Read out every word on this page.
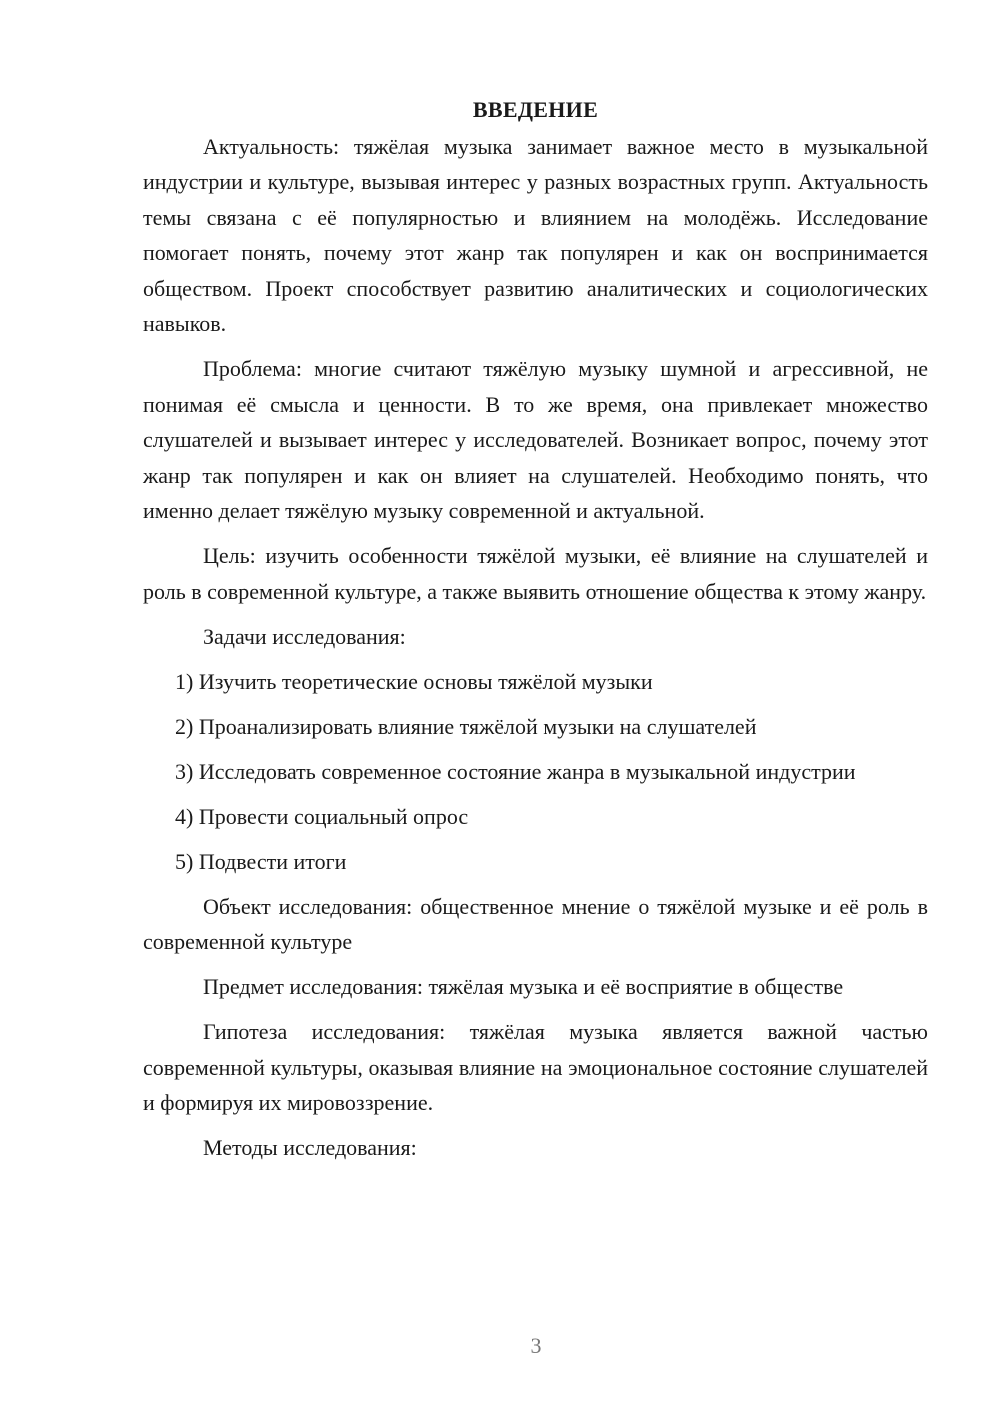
ВВЕДЕНИЕ

Актуальность: тяжёлая музыка занимает важное место в музыкальной индустрии и культуре, вызывая интерес у разных возрастных групп. Актуальность темы связана с её популярностью и влиянием на молодёжь. Исследование помогает понять, почему этот жанр так популярен и как он воспринимается обществом. Проект способствует развитию аналитических и социологических навыков.

Проблема: многие считают тяжёлую музыку шумной и агрессивной, не понимая её смысла и ценности. В то же время, она привлекает множество слушателей и вызывает интерес у исследователей. Возникает вопрос, почему этот жанр так популярен и как он влияет на слушателей. Необходимо понять, что именно делает тяжёлую музыку современной и актуальной.

Цель: изучить особенности тяжёлой музыки, её влияние на слушателей и роль в современной культуре, а также выявить отношение общества к этому жанру.

Задачи исследования:

1) Изучить теоретические основы тяжёлой музыки

2) Проанализировать влияние тяжёлой музыки на слушателей

3) Исследовать современное состояние жанра в музыкальной индустрии

4) Провести социальный опрос

5) Подвести итоги

Объект исследования: общественное мнение о тяжёлой музыке и её роль в современной культуре

Предмет исследования: тяжёлая музыка и её восприятие в обществе

Гипотеза исследования: тяжёлая музыка является важной частью современной культуры, оказывая влияние на эмоциональное состояние слушателей и формируя их мировоззрение.

Методы исследования:

3
